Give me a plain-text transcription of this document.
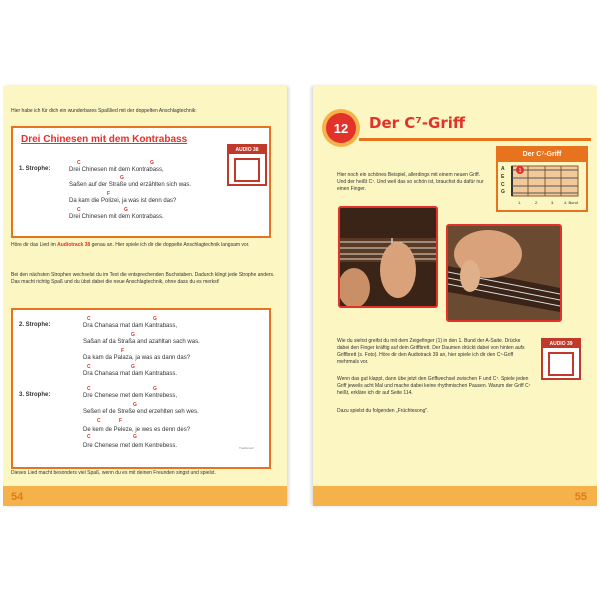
Hier habe ich für dich ein wunderbares Spaßlied mit der doppelten Anschlagtechnik:
Drei Chinesen mit dem Kontrabass
AUDIO 38
1. Strophe:
C	G
Drei Chinesen mit dem Kontrabass,
Saßen auf der Straße und erzählten sich was.
G
Da kam die Polizei, ja was ist denn das?
F
Drei Chinesen mit dem Kontrabass.
C	G
Höre dir das Lied im Audiotrack 38 genau an. Hier spiele ich dir die doppelte Anschlagtechnik langsam vor.
Bei den nächsten Strophen wechselst du im Text die entsprechenden Buchstaben. Dadurch klingt jede Strophe anders. Das macht richtig Spaß und du übst dabei die neue Anschlagtechnik, ohne dass du es merkst!
2. Strophe:
C	G
Dra Chanasa mat dam Kantrabass,
Saßan af da Straßa and azahltan sach was.
G
Da kam da Palaza, ja was as dann das?
F
Dra Chanasa mat dam Kantrabass.
C	G
3. Strophe:
C	G
Dre Chenese met dem Kentrebess,
Seßen ef de Streße end erzehlten seh wes.
G
De kem de Peleze, je wes es denn des?
C	F
Dre Chenese met dem Kentrebess.
C	G
Traditionell
Dieses Lied macht besonders viel Spaß, wenn du es mit deinen Freunden singst und spielst.
54
12 Der C⁷-Griff
Hier noch ein schönes Beispiel, allerdings mit einem neuen Griff. Und der heißt C⁷. Und weil das so schön ist, brauchst du dafür nur einen Finger.
Der C⁷-Griff
1
A
E
C
G
1.	2.	3. 4. Bund
Wie du siehst greifst du mit dem Zeigefinger (1) in den 1. Bund der A-Saite. Drücke dabei den Finger kräftig auf dein Griffbrett. Der Daumen drückt dabei von hinten aufs Griffbrett (s. Foto). Höre dir den Audiotrack 39 an, hier spiele ich dir den C⁷-Griff mehrmals vor.
AUDIO 39
Wenn das gut klappt, dann übe jetzt den Griffwechsel zwischen F und C⁷. Spiele jeden Griff jeweils acht Mal und mache dabei keine rhythmischen Pausen. Warum der Griff C⁷ heißt, erkläre ich dir auf Seite 114.
Dazu spielst du folgenden „Früchtesong".
55
